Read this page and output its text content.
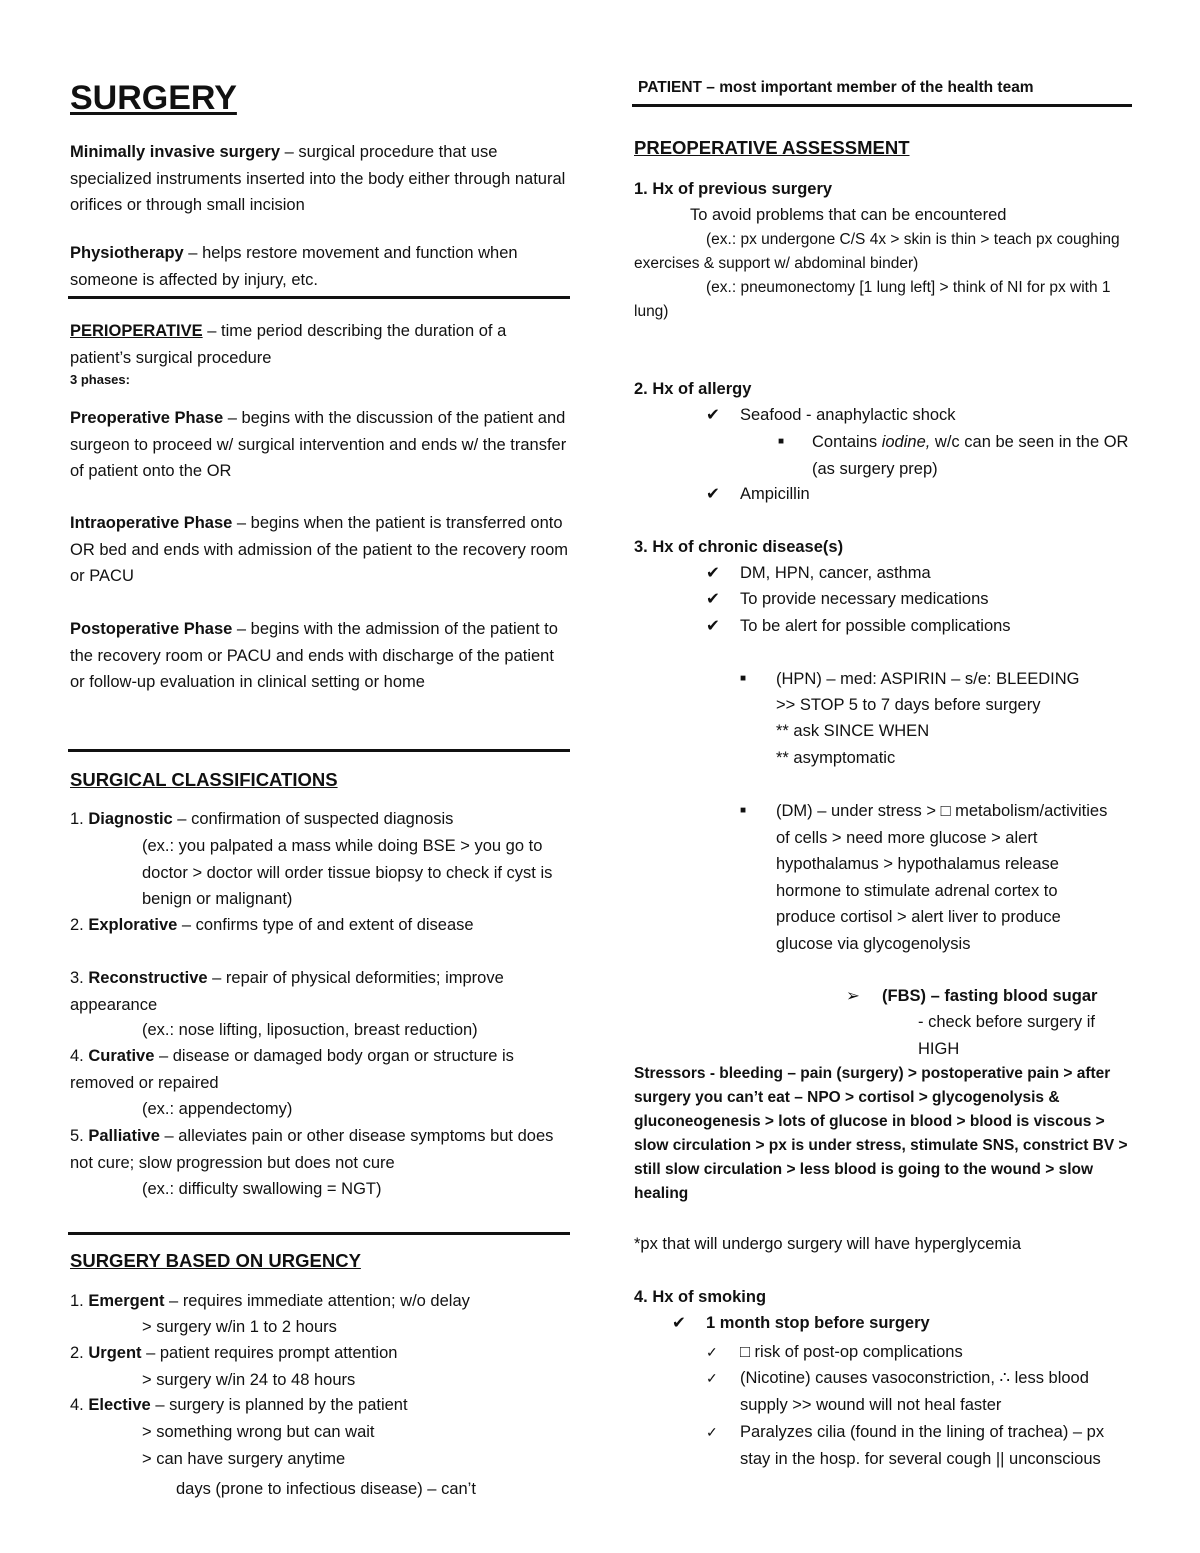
SURGERY

Minimally invasive surgery – surgical procedure that use specialized instruments inserted into the body either through natural orifices or through small incision

Physiotherapy – helps restore movement and function when someone is affected by injury, etc.

PERIOPERATIVE – time period describing the duration of a patient’s surgical procedure

3 phases:

Preoperative Phase – begins with the discussion of the patient and surgeon to proceed w/ surgical intervention and ends w/ the transfer of patient onto the OR

Intraoperative Phase – begins when the patient is transferred onto OR bed and ends with admission of the patient to the recovery room or PACU

Postoperative Phase – begins with the admission of the patient to the recovery room or PACU and ends with discharge of the patient or follow-up evaluation in clinical setting or home

SURGICAL CLASSIFICATIONS

1. Diagnostic – confirmation of suspected diagnosis

(ex.: you palpated a mass while doing BSE > you go to doctor > doctor will order tissue biopsy to check if cyst is benign or malignant)

2. Explorative – confirms type of and extent of disease

3. Reconstructive – repair of physical deformities; improve appearance

(ex.: nose lifting, liposuction, breast reduction)

4. Curative – disease or damaged body organ or structure is removed or repaired

(ex.: appendectomy)

5. Palliative – alleviates pain or other disease symptoms but does not cure; slow progression but does not cure

(ex.: difficulty swallowing = NGT)

SURGERY BASED ON URGENCY

1. Emergent – requires immediate attention; w/o delay

> surgery w/in 1 to 2 hours

2. Urgent – patient requires prompt attention

> surgery w/in 24 to 48 hours

4. Elective – surgery is planned by the patient

> something wrong but can wait

> can have surgery anytime

days (prone to infectious disease) – can’t

PATIENT – most important member of the health team

PREOPERATIVE ASSESSMENT

1. Hx of previous surgery

To avoid problems that can be encountered

(ex.: px undergone C/S 4x > skin is thin > teach px coughing exercises & support w/ abdominal binder)

(ex.: pneumonectomy [1 lung left] > think of NI for px with 1 lung)

2. Hx of allergy

✔ Seafood - anaphylactic shock

■ Contains iodine, w/c can be seen in the OR (as surgery prep)

✔ Ampicillin

3. Hx of chronic disease(s)

✔ DM, HPN, cancer, asthma

✔ To provide necessary medications

✔ To be alert for possible complications

■ (HPN) – med: ASPIRIN – s/e: BLEEDING

>> STOP 5 to 7 days before surgery

** ask SINCE WHEN

** asymptomatic

■ (DM) – under stress > □ metabolism/activities of cells > need more glucose > alert hypothalamus > hypothalamus release hormone to stimulate adrenal cortex to produce cortisol > alert liver to produce glucose via glycogenolysis

➢ (FBS) – fasting blood sugar

- check before surgery if HIGH

Stressors - bleeding – pain (surgery) > postoperative pain > after surgery you can’t eat – NPO > cortisol > glycogenolysis & gluconeogenesis > lots of glucose in blood > blood is viscous > slow circulation > px is under stress, stimulate SNS, constrict BV > still slow circulation > less blood is going to the wound > slow healing

*px that will undergo surgery will have hyperglycemia

4. Hx of smoking

✔ 1 month stop before surgery

✓ □ risk of post-op complications

✓ (Nicotine) causes vasoconstriction, ∴ less blood supply >> wound will not heal faster

✓ Paralyzes cilia (found in the lining of trachea) – px stay in the hosp. for several cough || unconscious
